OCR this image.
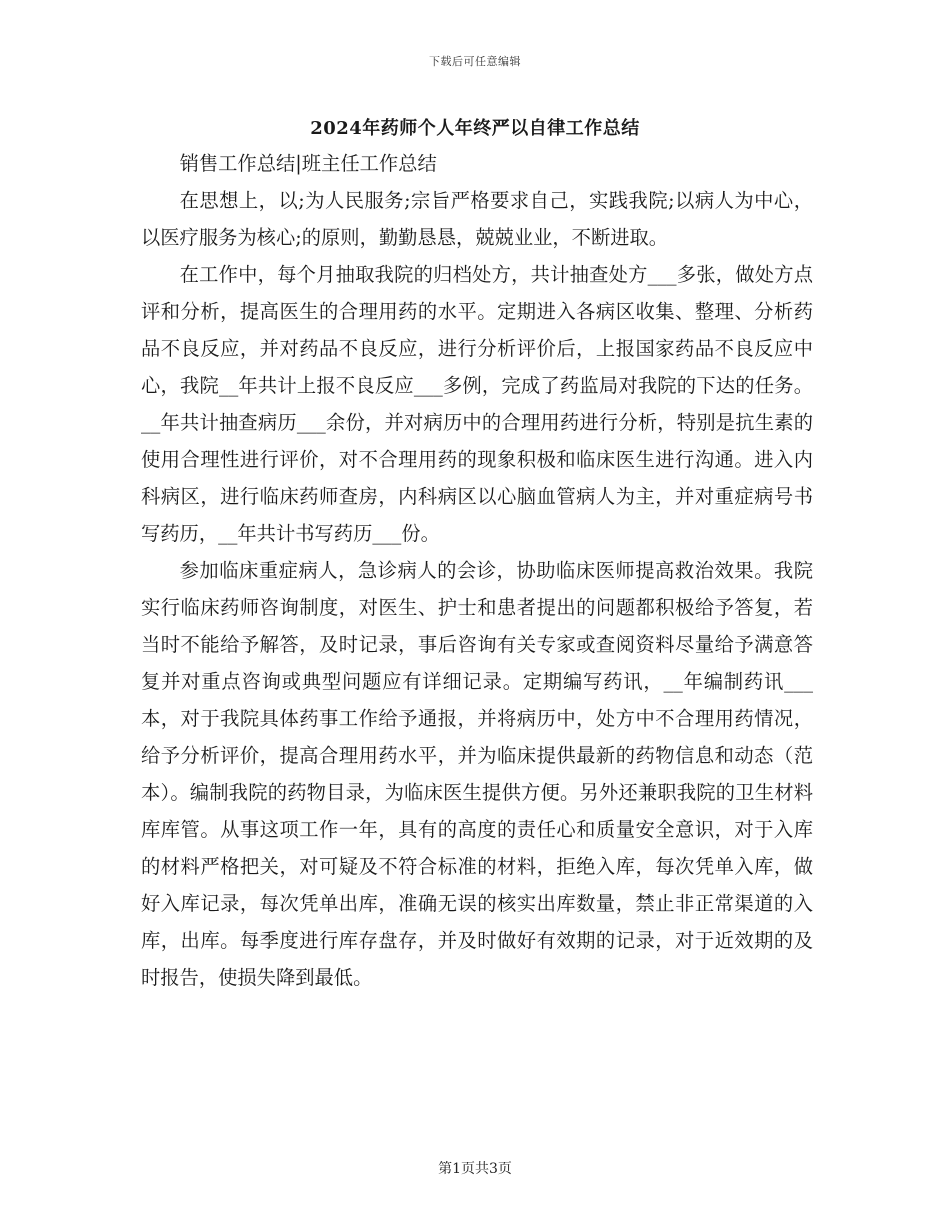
下载后可任意编辑
2024年药师个人年终严以自律工作总结

销售工作总结|班主任工作总结

在思想上，以;为人民服务;宗旨严格要求自己，实践我院;以病人为中心，以医疗服务为核心;的原则，勤勤恳恳，兢兢业业，不断进取。

在工作中，每个月抽取我院的归档处方，共计抽查处方___多张，做处方点评和分析，提高医生的合理用药的水平。定期进入各病区收集、整理、分析药品不良反应，并对药品不良反应，进行分析评价后，上报国家药品不良反应中心，我院__年共计上报不良反应___多例，完成了药监局对我院的下达的任务。__年共计抽查病历___余份，并对病历中的合理用药进行分析，特别是抗生素的使用合理性进行评价，对不合理用药的现象积极和临床医生进行沟通。进入内科病区，进行临床药师查房，内科病区以心脑血管病人为主，并对重症病号书写药历，__年共计书写药历___份。

参加临床重症病人，急诊病人的会诊，协助临床医师提高救治效果。我院实行临床药师咨询制度，对医生、护士和患者提出的问题都积极给予答复，若当时不能给予解答，及时记录，事后咨询有关专家或查阅资料尽量给予满意答复并对重点咨询或典型问题应有详细记录。定期编写药讯，__年编制药讯___本，对于我院具体药事工作给予通报，并将病历中，处方中不合理用药情况，给予分析评价，提高合理用药水平，并为临床提供最新的药物信息和动态（范本）。编制我院的药物目录，为临床医生提供方便。另外还兼职我院的卫生材料库库管。从事这项工作一年，具有的高度的责任心和质量安全意识，对于入库的材料严格把关，对可疑及不符合标准的材料，拒绝入库，每次凭单入库，做好入库记录，每次凭单出库，准确无误的核实出库数量，禁止非正常渠道的入库，出库。每季度进行库存盘存，并及时做好有效期的记录，对于近效期的及时报告，使损失降到最低。

第1页共3页
